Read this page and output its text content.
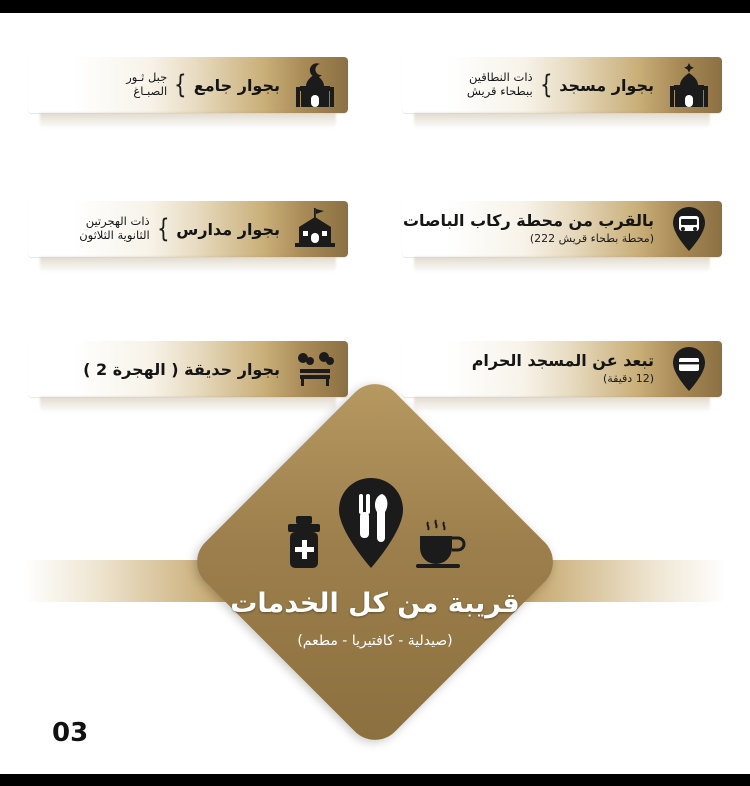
بجوار مسجد
}
ذات النطاقين
ببطحاء قريش
بجوار جامع
}
جبل ثـور
الصبـاغ
بالقرب من محطة ركاب الباصات
(محطة بطحاء قريش 222)
بجوار مدارس
}
ذات الهجرتين
الثانوية الثلاثون
تبعد عن المسجد الحرام
(12 دقيقة)
بجوار حديقة ( الهجرة 2 )
قريبة من كل الخدمات
(صيدلية - كافتيريا - مطعم)
03
